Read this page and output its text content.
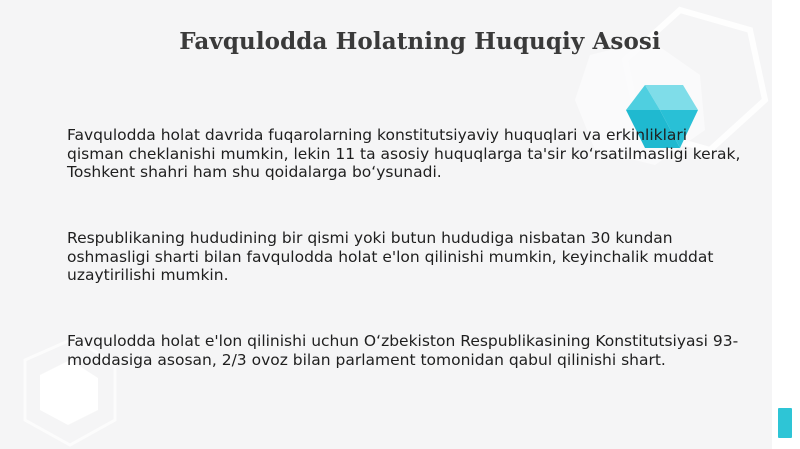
Favqulodda Holatning Huquqiy Asosi

Favqulodda holat davrida fuqarolarning konstitutsiyaviy huquqlari va erkinliklari qisman cheklanishi mumkin, lekin 11 ta asosiy huquqlarga ta'sir koʻrsatilmasligi kerak, Toshkent shahri ham shu qoidalarga boʻysunadi.

Respublikaning hududining bir qismi yoki butun hududiga nisbatan 30 kundan oshmasligi sharti bilan favqulodda holat e'lon qilinishi mumkin, keyinchalik muddat uzaytirilishi mumkin.

Favqulodda holat e'lon qilinishi uchun Oʻzbekiston Respublikasining Konstitutsiyasi 93-moddasiga asosan, 2/3 ovoz bilan parlament tomonidan qabul qilinishi shart.
